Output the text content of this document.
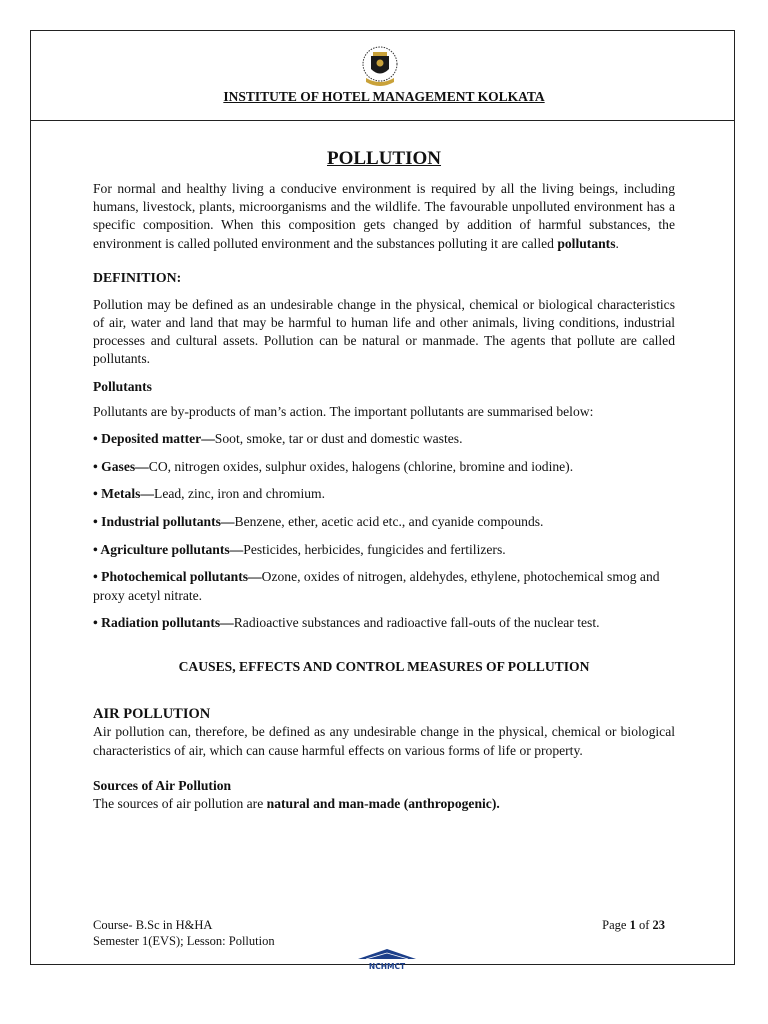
INSTITUTE OF HOTEL MANAGEMENT KOLKATA
POLLUTION

For normal and healthy living a conducive environment is required by all the living beings, including humans, livestock, plants, microorganisms and the wildlife. The favourable unpolluted environment has a specific composition. When this composition gets changed by addition of harmful substances, the environment is called polluted environment and the substances polluting it are called pollutants.

DEFINITION:

Pollution may be defined as an undesirable change in the physical, chemical or biological characteristics of air, water and land that may be harmful to human life and other animals, living conditions, industrial processes and cultural assets. Pollution can be natural or manmade. The agents that pollute are called pollutants.

Pollutants

Pollutants are by-products of man’s action. The important pollutants are summarised below:

• Deposited matter—Soot, smoke, tar or dust and domestic wastes.
• Gases—CO, nitrogen oxides, sulphur oxides, halogens (chlorine, bromine and iodine).
• Metals—Lead, zinc, iron and chromium.
• Industrial pollutants—Benzene, ether, acetic acid etc., and cyanide compounds.
• Agriculture pollutants—Pesticides, herbicides, fungicides and fertilizers.
• Photochemical pollutants—Ozone, oxides of nitrogen, aldehydes, ethylene, photochemical smog and proxy acetyl nitrate.
• Radiation pollutants—Radioactive substances and radioactive fall-outs of the nuclear test.
CAUSES, EFFECTS AND CONTROL MEASURES OF POLLUTION
AIR POLLUTION

Air pollution can, therefore, be defined as any undesirable change in the physical, chemical or biological characteristics of air, which can cause harmful effects on various forms of life or property.

Sources of Air Pollution

The sources of air pollution are natural and man-made (anthropogenic).

Course- B.Sc in H&HA
Semester 1(EVS); Lesson: Pollution
Page 1 of 23
NCHMCT
